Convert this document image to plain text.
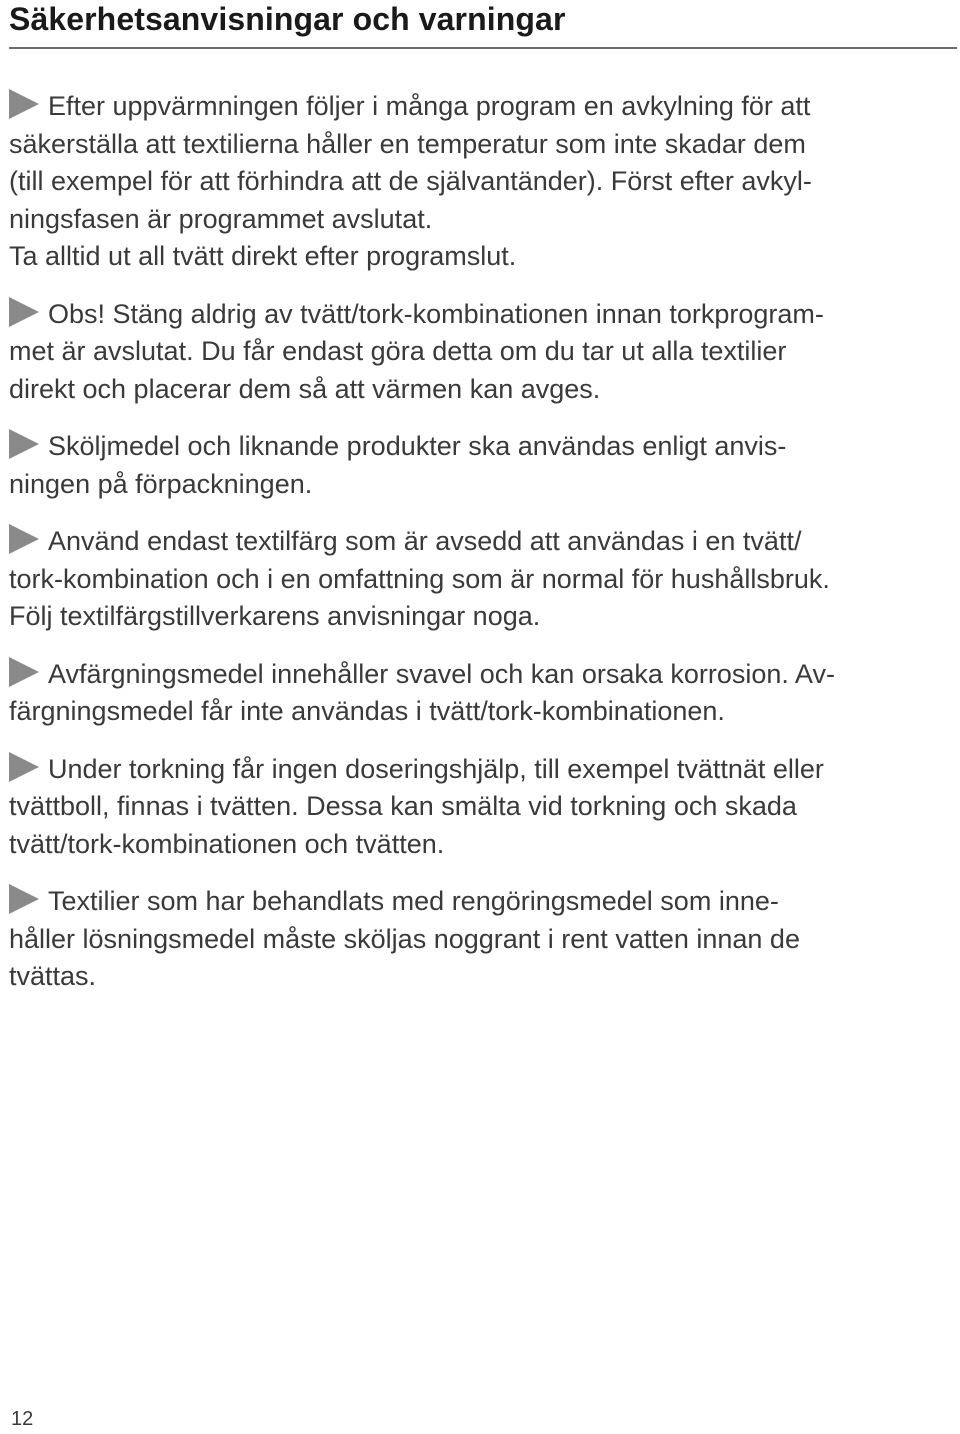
Säkerhetsanvisningar och varningar

Efter uppvärmningen följer i många program en avkylning för att
säkerställa att textilierna håller en temperatur som inte skadar dem
(till exempel för att förhindra att de självantänder). Först efter avkyl-
ningsfasen är programmet avslutat.

Ta alltid ut all tvätt direkt efter programslut.

Obs! Stäng aldrig av tvätt/tork-kombinationen innan torkprogram-
met är avslutat. Du får endast göra detta om du tar ut alla textilier
direkt och placerar dem så att värmen kan avges.

Sköljmedel och liknande produkter ska användas enligt anvis-
ningen på förpackningen.

Använd endast textilfärg som är avsedd att användas i en tvätt/
tork-kombination och i en omfattning som är normal för hushållsbruk.
Följ textilfärgstillverkarens anvisningar noga.

Avfärgningsmedel innehåller svavel och kan orsaka korrosion. Av-
färgningsmedel får inte användas i tvätt/tork-kombinationen.

Under torkning får ingen doseringshjälp, till exempel tvättnät eller
tvättboll, finnas i tvätten. Dessa kan smälta vid torkning och skada
tvätt/tork-kombinationen och tvätten.

Textilier som har behandlats med rengöringsmedel som inne-
håller lösningsmedel måste sköljas noggrant i rent vatten innan de
tvättas.

12
